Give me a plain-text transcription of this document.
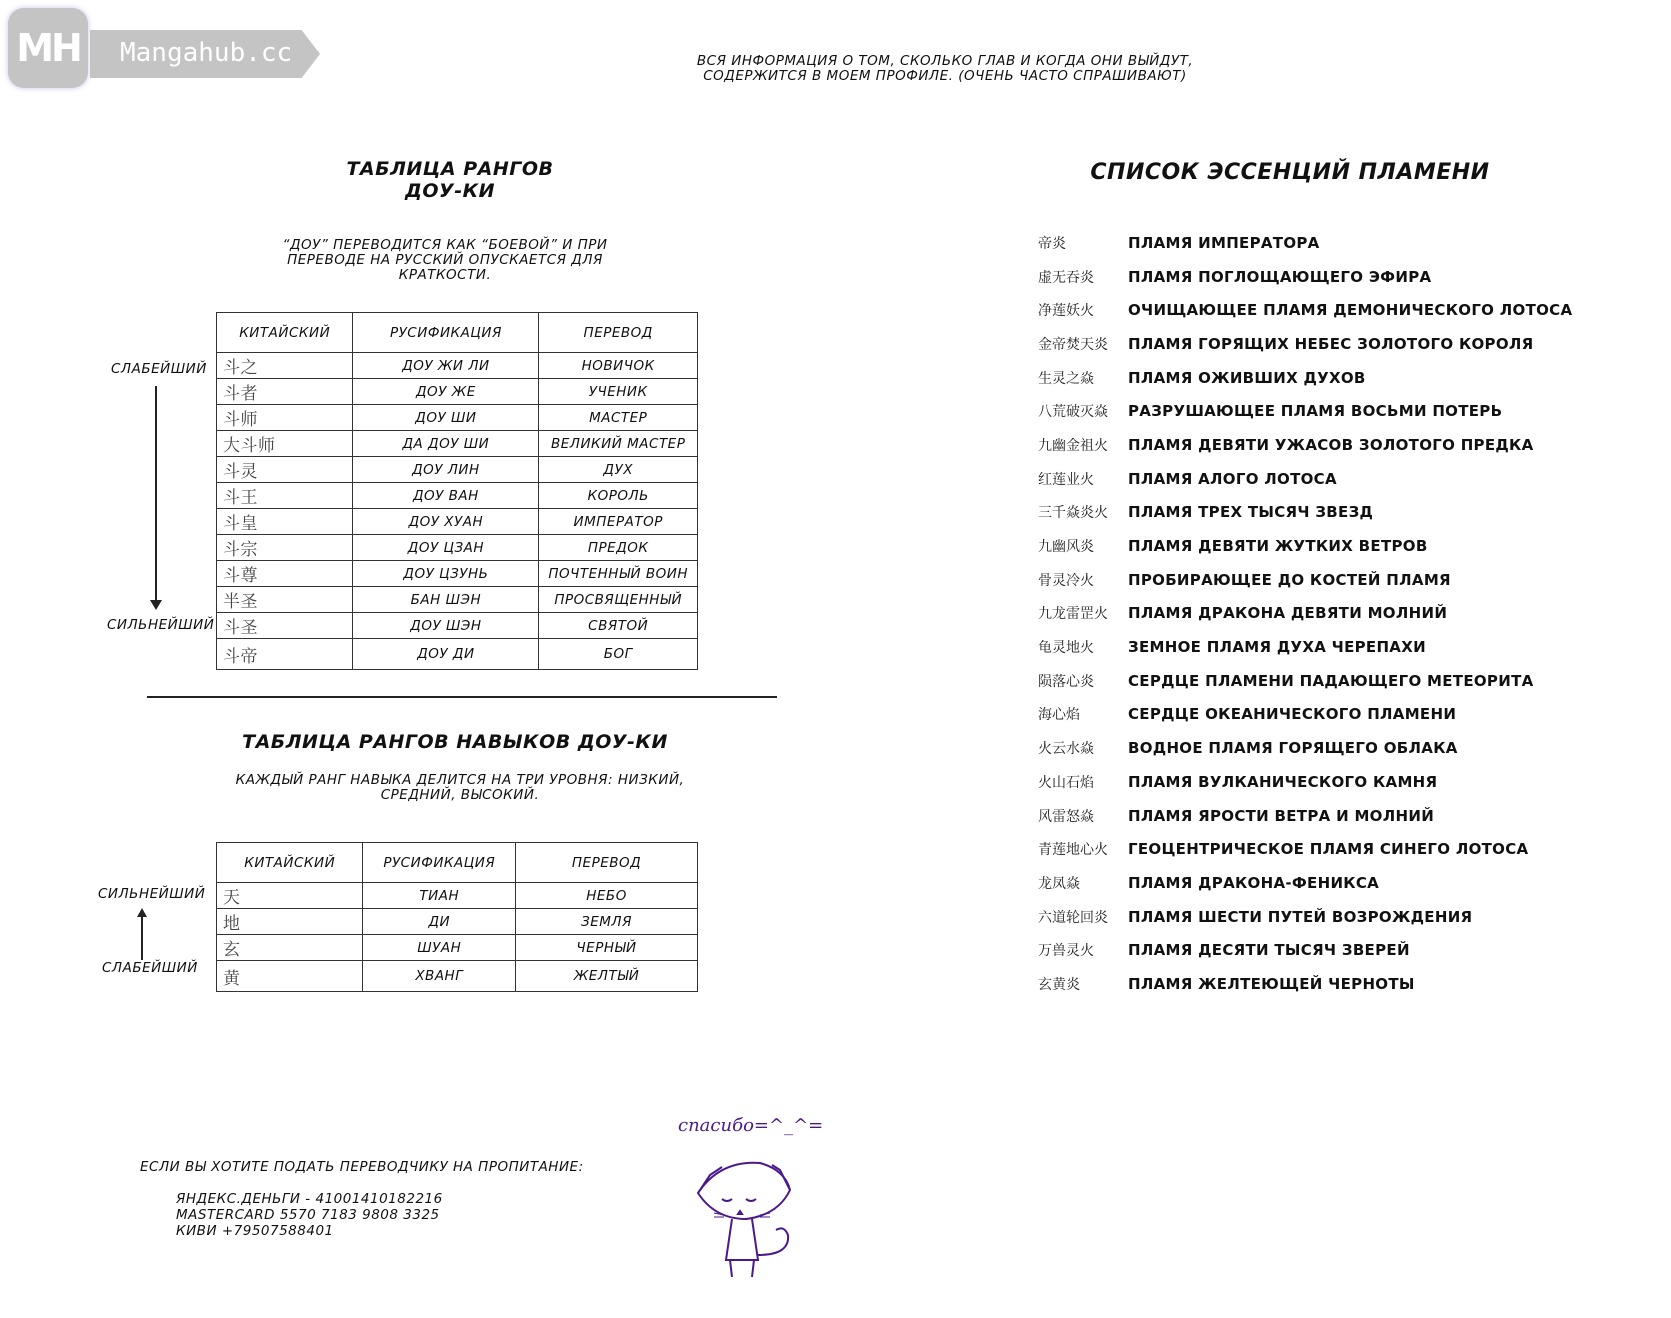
MH	Mangahub.cc	ВСЯ ИНФОРМАЦИЯ О ТОМ, СКОЛЬКО ГЛАВ И КОГДА ОНИ ВЫЙДУТ,
СОДЕРЖИТСЯ В МОЕМ ПРОФИЛЕ. (ОЧЕНЬ ЧАСТО СПРАШИВАЮТ)
ТАБЛИЦА РАНГОВ
ДОУ-КИ
“ДОУ” ПЕРЕВОДИТСЯ КАК “БОЕВОЙ” И ПРИ
ПЕРЕВОДЕ НА РУССКИЙ ОПУСКАЕТСЯ ДЛЯ
КРАТКОСТИ.
СЛАБЕЙШИЙ
СИЛЬНЕЙШИЙ
КИТАЙСКИЙ	РУСИФИКАЦИЯ	ПЕРЕВОД
斗之	ДОУ ЖИ ЛИ	НОВИЧОК
斗者	ДОУ ЖЕ	УЧЕНИК
斗师	ДОУ ШИ	МАСТЕР
大斗师	ДА ДОУ ШИ	ВЕЛИКИЙ МАСТЕР
斗灵	ДОУ ЛИН	ДУХ
斗王	ДОУ ВАН	КОРОЛЬ
斗皇	ДОУ ХУАН	ИМПЕРАТОР
斗宗	ДОУ ЦЗАН	ПРЕДОК
斗尊	ДОУ ЦЗУНЬ	ПОЧТЕННЫЙ ВОИН
半圣	БАН ШЭН	ПРОСВЯЩЕННЫЙ
斗圣	ДОУ ШЭН	СВЯТОЙ
斗帝	ДОУ ДИ	БОГ
ТАБЛИЦА РАНГОВ НАВЫКОВ ДОУ-КИ
КАЖДЫЙ РАНГ НАВЫКА ДЕЛИТСЯ НА ТРИ УРОВНЯ: НИЗКИЙ,
СРЕДНИЙ, ВЫСОКИЙ.
СИЛЬНЕЙШИЙ
СЛАБЕЙШИЙ
КИТАЙСКИЙ	РУСИФИКАЦИЯ	ПЕРЕВОД
天	ТИАН	НЕБО
地	ДИ	ЗЕМЛЯ
玄	ШУАН	ЧЕРНЫЙ
黄	ХВАНГ	ЖЕЛТЫЙ
СПИСОК ЭССЕНЦИЙ ПЛАМЕНИ
帝炎	ПЛАМЯ ИМПЕРАТОРА
虚无吞炎	ПЛАМЯ ПОГЛОЩАЮЩЕГО ЭФИРА
净莲妖火	ОЧИЩАЮЩЕЕ ПЛАМЯ ДЕМОНИЧЕСКОГО ЛОТОСА
金帝焚天炎	ПЛАМЯ ГОРЯЩИХ НЕБЕС ЗОЛОТОГО КОРОЛЯ
生灵之焱	ПЛАМЯ ОЖИВШИХ ДУХОВ
八荒破灭焱	РАЗРУШАЮЩЕЕ ПЛАМЯ ВОСЬМИ ПОТЕРЬ
九幽金祖火	ПЛАМЯ ДЕВЯТИ УЖАСОВ ЗОЛОТОГО ПРЕДКА
红莲业火	ПЛАМЯ АЛОГО ЛОТОСА
三千焱炎火	ПЛАМЯ ТРЕХ ТЫСЯЧ ЗВЕЗД
九幽风炎	ПЛАМЯ ДЕВЯТИ ЖУТКИХ ВЕТРОВ
骨灵冷火	ПРОБИРАЮЩЕЕ ДО КОСТЕЙ ПЛАМЯ
九龙雷罡火	ПЛАМЯ ДРАКОНА ДЕВЯТИ МОЛНИЙ
龟灵地火	ЗЕМНОЕ ПЛАМЯ ДУХА ЧЕРЕПАХИ
陨落心炎	СЕРДЦЕ ПЛАМЕНИ ПАДАЮЩЕГО МЕТЕОРИТА
海心焰	СЕРДЦЕ ОКЕАНИЧЕСКОГО ПЛАМЕНИ
火云水焱	ВОДНОЕ ПЛАМЯ ГОРЯЩЕГО ОБЛАКА
火山石焰	ПЛАМЯ ВУЛКАНИЧЕСКОГО КАМНЯ
风雷怒焱	ПЛАМЯ ЯРОСТИ ВЕТРА И МОЛНИЙ
青莲地心火	ГЕОЦЕНТРИЧЕСКОЕ ПЛАМЯ СИНЕГО ЛОТОСА
龙凤焱	ПЛАМЯ ДРАКОНА-ФЕНИКСА
六道轮回炎	ПЛАМЯ ШЕСТИ ПУТЕЙ ВОЗРОЖДЕНИЯ
万兽灵火	ПЛАМЯ ДЕСЯТИ ТЫСЯЧ ЗВЕРЕЙ
玄黄炎	ПЛАМЯ ЖЕЛТЕЮЩЕЙ ЧЕРНОТЫ
ЕСЛИ ВЫ ХОТИТЕ ПОДАТЬ ПЕРЕВОДЧИКУ НА ПРОПИТАНИЕ:
ЯНДЕКС.ДЕНЬГИ - 41001410182216
MASTERCARD 5570 7183 9808 3325
КИВИ +79507588401
спасибо=^_^=
